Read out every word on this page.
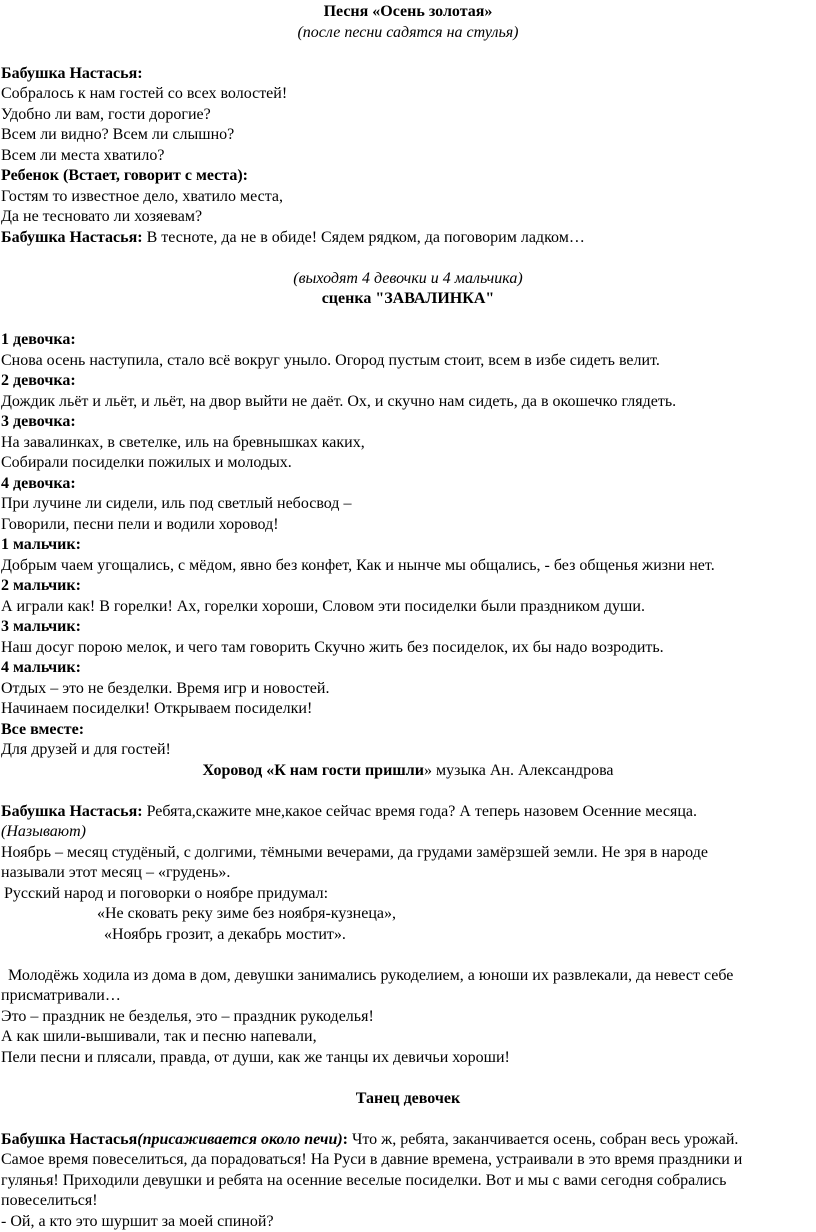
Песня «Осень золотая»

(после песни садятся на стулья)

Бабушка Настасья:

Собралось к нам гостей со всех волостей!

Удобно ли вам, гости дорогие?

Всем ли видно? Всем ли слышно?

Всем ли места хватило?

Ребенок (Встает, говорит с места):

Гостям то известное дело, хватило места,

Да не тесновато ли хозяевам?

Бабушка Настасья: В тесноте, да не в обиде! Сядем рядком, да поговорим ладком…

(выходят 4 девочки и 4 мальчика)

сценка "ЗАВАЛИНКА"

1 девочка:

Снова осень наступила, стало всё вокруг уныло. Огород пустым стоит, всем в избе сидеть велит.

2 девочка:

Дождик льёт и льёт, и льёт, на двор выйти не даёт. Ох, и скучно нам сидеть, да в окошечко глядеть.

3 девочка:

На завалинках, в светелке, иль на бревнышках каких,

Собирали посиделки пожилых и молодых.

4 девочка:

При лучине ли сидели, иль под светлый небосвод –

Говорили, песни пели и водили хоровод!

1 мальчик:

Добрым чаем угощались, с мёдом, явно без конфет, Как и нынче мы общались, - без общенья жизни нет.

2 мальчик:

А играли как! В горелки! Ах, горелки хороши, Словом эти посиделки были праздником души.

3 мальчик:

Наш досуг порою мелок, и чего там говорить Скучно жить без посиделок, их бы надо возродить.

4 мальчик:

Отдых – это не безделки. Время игр и новостей.

Начинаем посиделки! Открываем посиделки!

Все вместе:

Для друзей и для гостей!

Хоровод «К нам гости пришли» музыка Ан. Александрова

Бабушка Настасья: Ребята,скажите мне,какое сейчас время года? А теперь назовем Осенние месяца.

(Называют)

Ноябрь – месяц студёный, с долгими, тёмными вечерами, да грудами замёрзшей земли. Не зря в народе

называли этот месяц – «грудень».

Русский народ и поговорки о ноябре придумал:

«Не сковать реку зиме без ноября-кузнеца»,

«Ноябрь грозит, а декабрь мостит».

Молодёжь ходила из дома в дом, девушки занимались рукоделием, а юноши их развлекали, да невест себе

присматривали…

Это – праздник не безделья, это – праздник рукоделья!

А как шили-вышивали, так и песню напевали,

Пели песни и плясали, правда, от души, как же танцы их девичьи хороши!

Танец девочек

Бабушка Настасья(присаживается около печи): Что ж, ребята, заканчивается осень, собран весь урожай.

Самое время повеселиться, да порадоваться! На Руси в давние времена, устраивали в это время праздники и

гулянья! Приходили девушки и ребята на осенние веселые посиделки. Вот и мы с вами сегодня собрались

повеселиться!

- Ой, а кто это шуршит за моей спиной?
